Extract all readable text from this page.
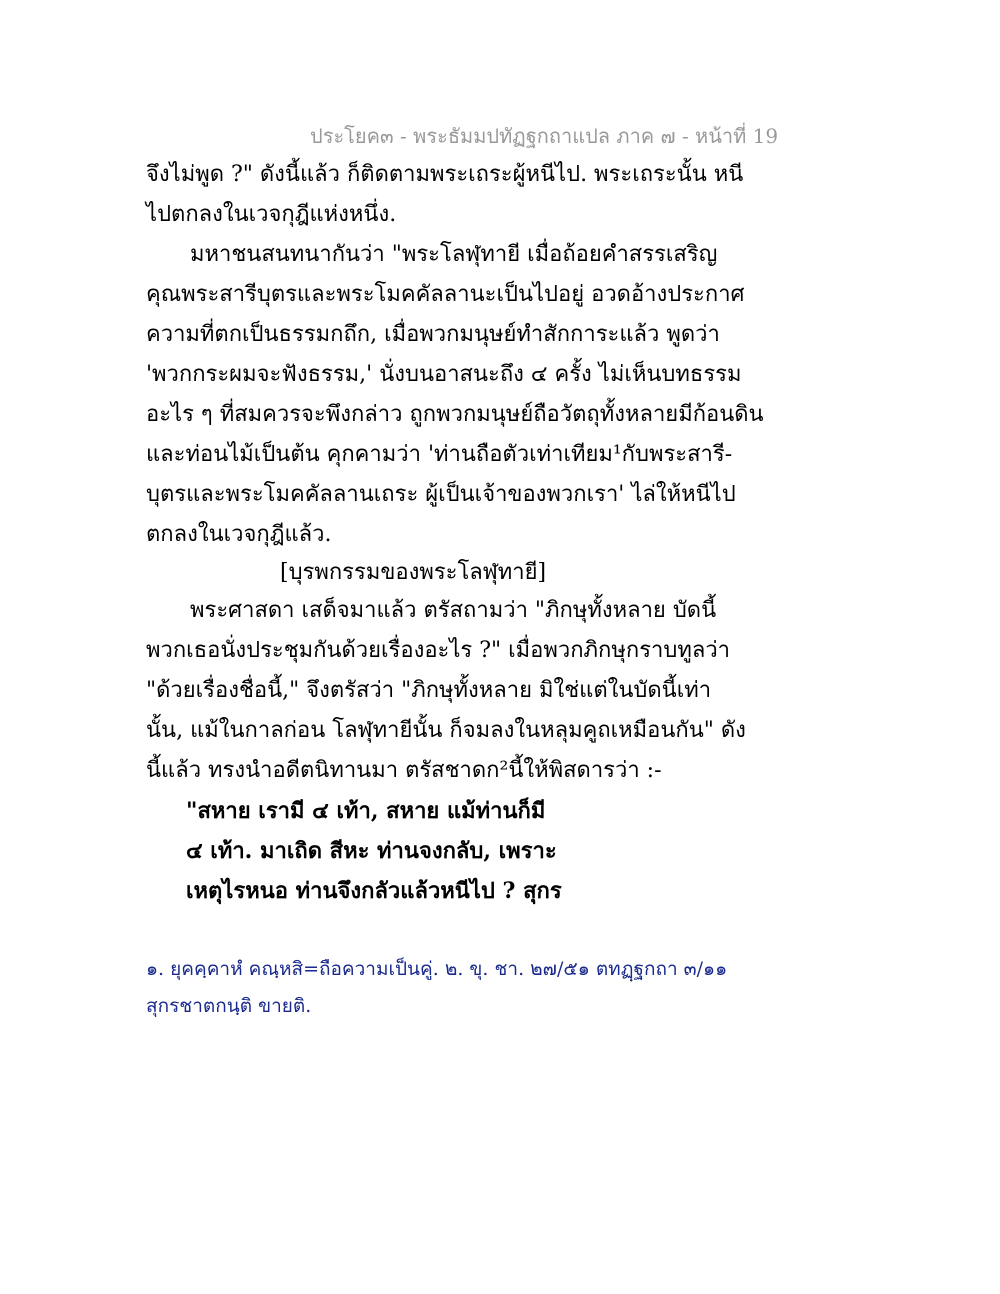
ประโยค๓ - พระธัมมปทัฏฐกถาแปล ภาค ๗ - หน้าที่ 19
จึงไม่พูด ?" ดังนี้แล้ว ก็ติดตามพระเถระผู้หนีไป. พระเถระนั้น หนี
ไปตกลงในเวจกุฎีแห่งหนึ่ง.
มหาชนสนทนากันว่า "พระโลฬุทายี เมื่อถ้อยคำสรรเสริญ
คุณพระสารีบุตรและพระโมคคัลลานะเป็นไปอยู่ อวดอ้างประกาศ
ความที่ตกเป็นธรรมกถึก, เมื่อพวกมนุษย์ทำสักการะแล้ว พูดว่า
'พวกกระผมจะฟังธรรม,' นั่งบนอาสนะถึง ๔ ครั้ง ไม่เห็นบทธรรม
อะไร ๆ ที่สมควรจะพึงกล่าว ถูกพวกมนุษย์ถือวัตถุทั้งหลายมีก้อนดิน
และท่อนไม้เป็นต้น คุกคามว่า 'ท่านถือตัวเท่าเทียม¹กับพระสารี-
บุตรและพระโมคคัลลานเถระ ผู้เป็นเจ้าของพวกเรา' ไล่ให้หนีไป
ตกลงในเวจกุฎีแล้ว.
[บุรพกรรมของพระโลฬุทายี]
พระศาสดา เสด็จมาแล้ว ตรัสถามว่า "ภิกษุทั้งหลาย บัดนี้
พวกเธอนั่งประชุมกันด้วยเรื่องอะไร ?" เมื่อพวกภิกษุกราบทูลว่า
"ด้วยเรื่องชื่อนี้," จึงตรัสว่า "ภิกษุทั้งหลาย มิใช่แต่ในบัดนี้เท่า
นั้น, แม้ในกาลก่อน โลฬุทายีนั้น ก็จมลงในหลุมคูถเหมือนกัน" ดัง
นี้แล้ว ทรงนำอดีตนิทานมา ตรัสชาดก²นี้ให้พิสดารว่า :-
"สหาย เรามี ๔ เท้า, สหาย แม้ท่านก็มี
๔ เท้า. มาเถิด สีหะ ท่านจงกลับ, เพราะ
เหตุไรหนอ ท่านจึงกลัวแล้วหนีไป ? สุกร
๑. ยุคคฺคาหํ คณฺหสิ=ถือความเป็นคู่. ๒. ขุ. ชา. ๒๗/๕๑ ตทฏฺฐกถา ๓/๑๑
สุกรชาตกนฺติ ขายติ.
